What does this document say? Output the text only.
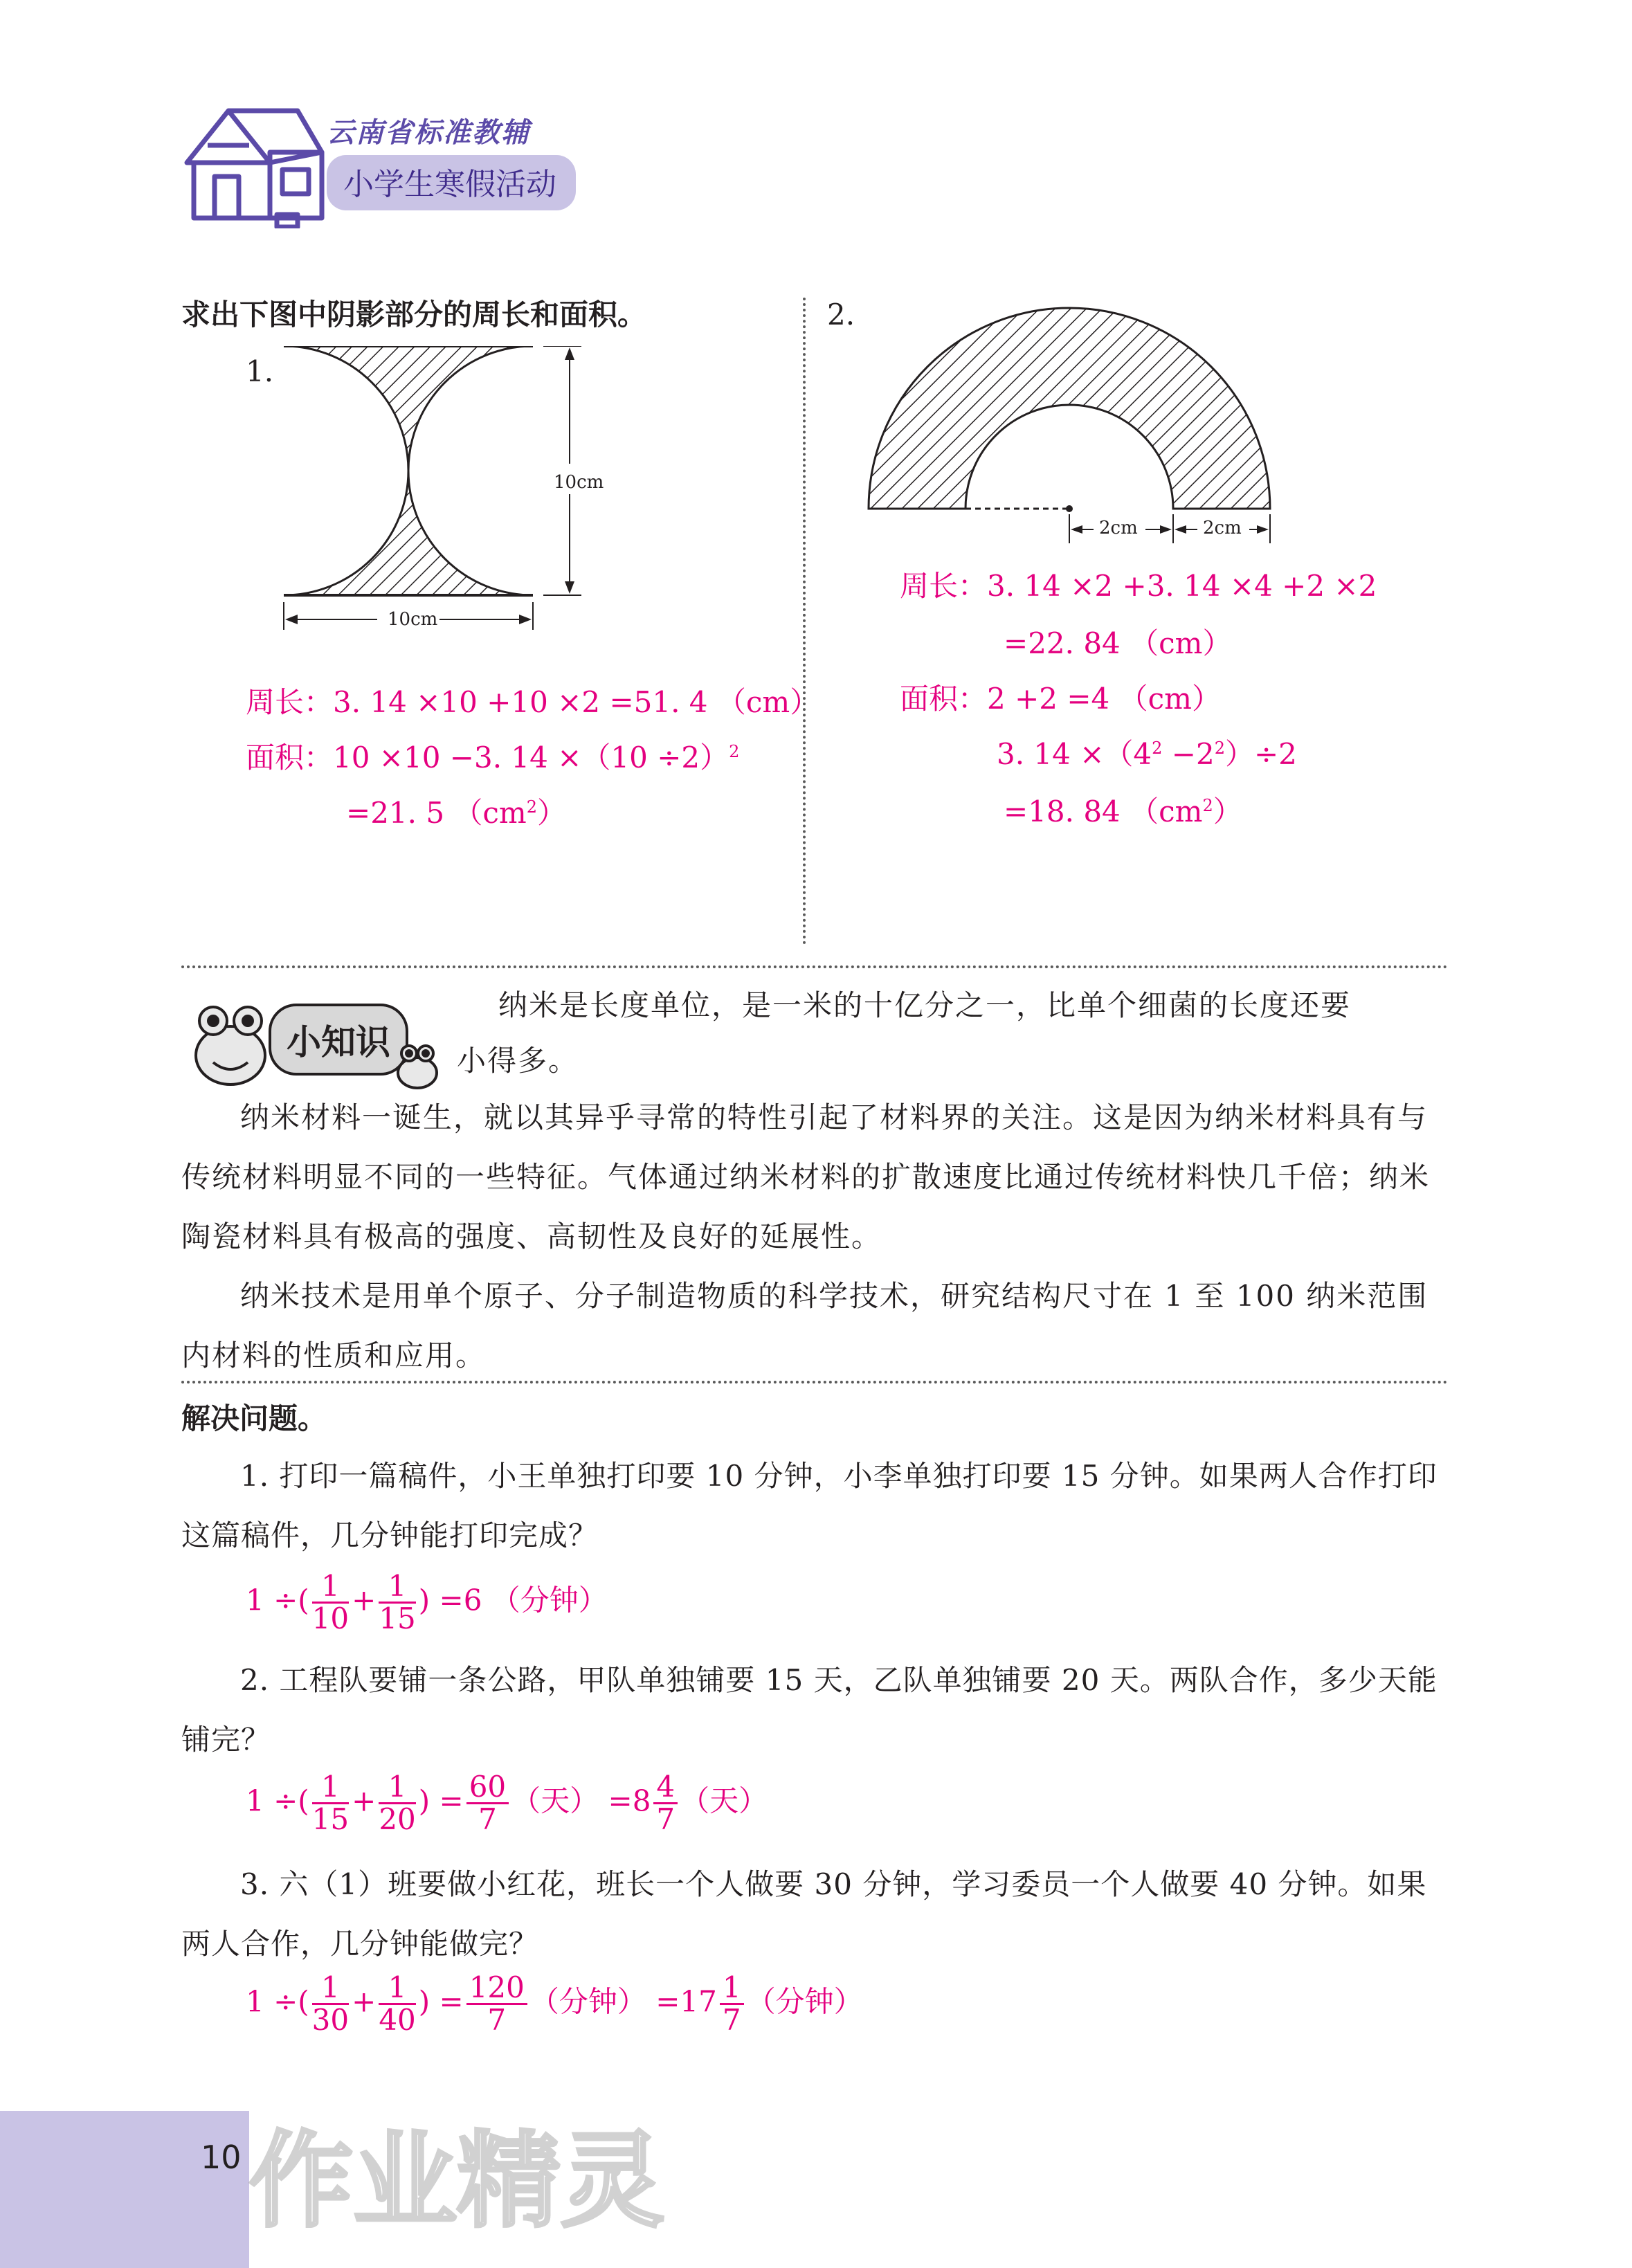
云南省标准教辅
小学生寒假活动
求出下图中阴影部分的周长和面积。
1.
10cm
10cm
周长：3. 14 ×10 +10 ×2 =51. 4 （cm）
面积：10 ×10 −3. $14 \times(10 \div 2)^2$
=21. 5 $(cm^2)$
2.
2cm	2cm
周长：3. 14 ×2 +3. 14 ×4 +2 ×2
=22. 84 （cm）
面积：2 +2 =4 （cm）
3. $14 \times(4^2 -2^2)\div 2$
=18. 84 $(cm^2)$
小知识
纳米是长度单位，是一米的十亿分之一，比单个细菌的长度还要
小得多。
纳米材料一诞生，就以其异乎寻常的特性引起了材料界的关注。这是因为纳米材料具有与传统材料明显不同的一些特征。气体通过纳米材料的扩散速度比通过传统材料快几千倍；纳米陶瓷材料具有极高的强度、高韧性及良好的延展性。
纳米技术是用单个原子、分子制造物质的科学技术，研究结构尺寸在 1 至 100 纳米范围内材料的性质和应用。
解决问题。
1. 打印一篇稿件，小王单独打印要 10 分钟，小李单独打印要 15 分钟。如果两人合作打印这篇稿件，几分钟能打印完成？
1 ÷( $\frac{1}{10} + \frac{1}{15}$ ) =6 （分钟）
2. 工程队要铺一条公路，甲队单独铺要 15 天，乙队单独铺要 20 天。两队合作，多少天能铺完？
1 ÷( $\frac{1}{15} + \frac{1}{20}$ ) = $\frac{60}{7}$ （天） $=8 \frac{4}{7}$ （天）
3. 六（1）班要做小红花，班长一个人做要 30 分钟，学习委员一个人做要 40 分钟。如果两人合作，几分钟能做完？
1 ÷( $\frac{1}{30} + \frac{1}{40}$ ) = $\frac{120}{7}$ （分钟） $=17 \frac{1}{7}$ （分钟）
10 作业精灵
